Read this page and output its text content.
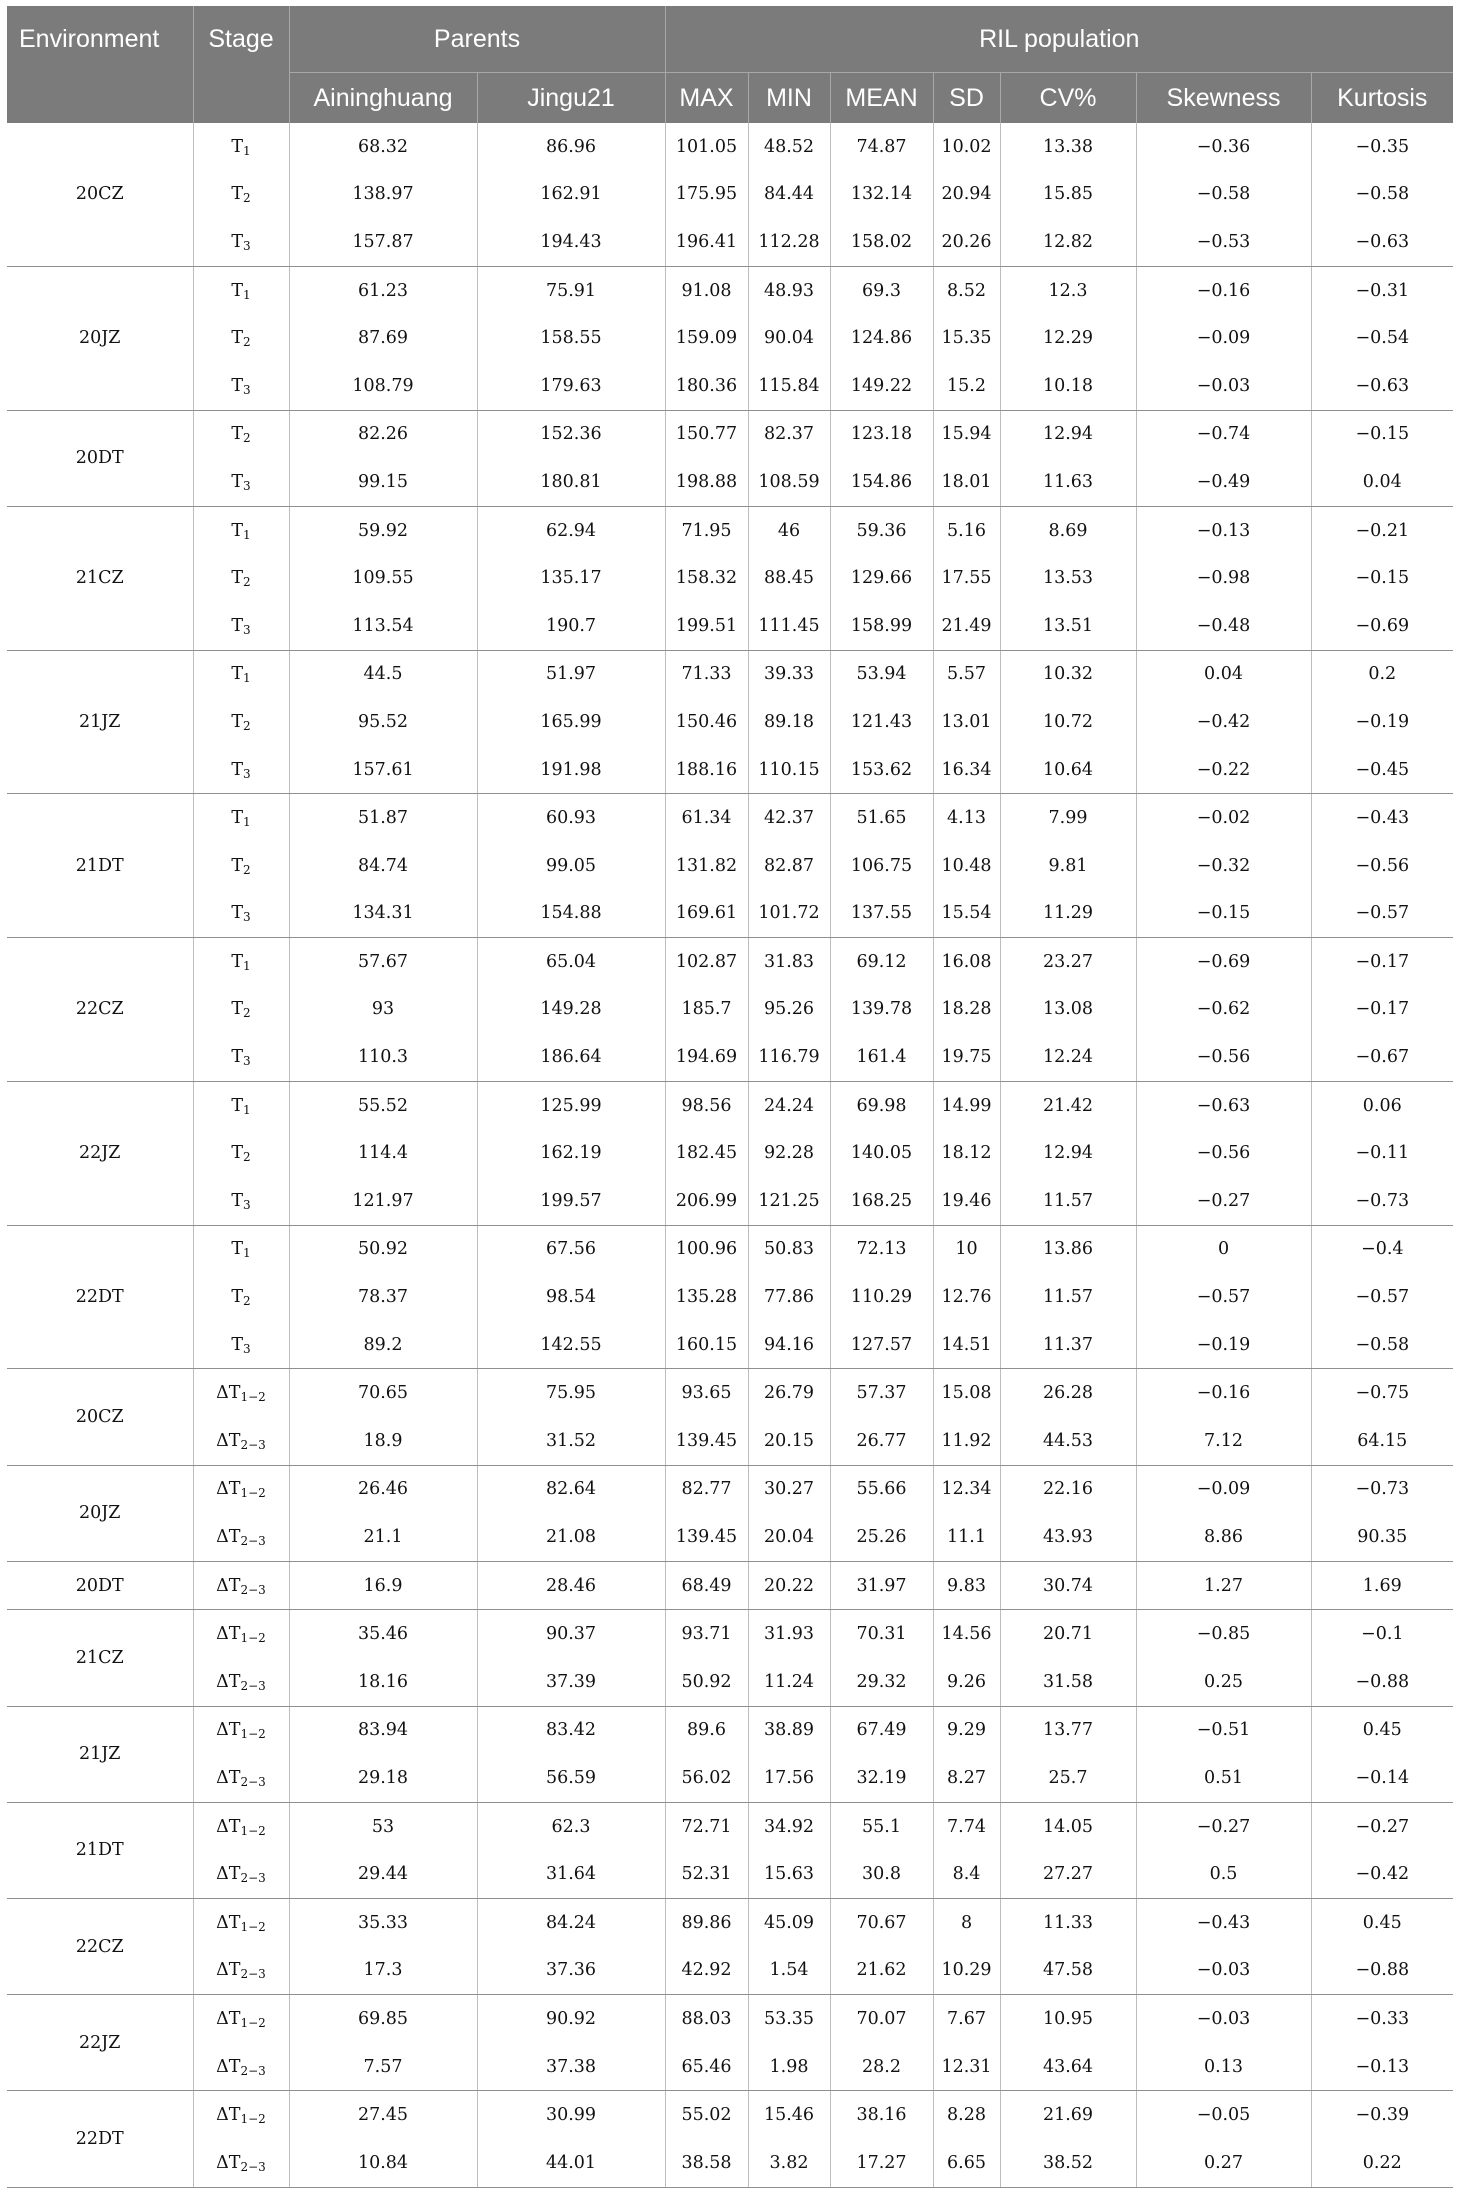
Environment	Stage	Parents		RIL population						
		Aininghuang	Jingu21	MAX	MIN	MEAN	SD	CV%	Skewness	Kurtosis
20CZ	$T_1$	68.32	86.96	101.05	48.52	74.87	10.02	13.38	−0.36	−0.35
	$T_2$	138.97	162.91	175.95	84.44	132.14	20.94	15.85	−0.58	−0.58
	$T_3$	157.87	194.43	196.41	112.28	158.02	20.26	12.82	−0.53	−0.63
20JZ	$T_1$	61.23	75.91	91.08	48.93	69.3	8.52	12.3	−0.16	−0.31
	$T_2$	87.69	158.55	159.09	90.04	124.86	15.35	12.29	−0.09	−0.54
	$T_3$	108.79	179.63	180.36	115.84	149.22	15.2	10.18	−0.03	−0.63
20DT	$T_2$	82.26	152.36	150.77	82.37	123.18	15.94	12.94	−0.74	−0.15
	$T_3$	99.15	180.81	198.88	108.59	154.86	18.01	11.63	−0.49	0.04
21CZ	$T_1$	59.92	62.94	71.95	46	59.36	5.16	8.69	−0.13	−0.21
	$T_2$	109.55	135.17	158.32	88.45	129.66	17.55	13.53	−0.98	−0.15
	$T_3$	113.54	190.7	199.51	111.45	158.99	21.49	13.51	−0.48	−0.69
21JZ	$T_1$	44.5	51.97	71.33	39.33	53.94	5.57	10.32	0.04	0.2
	$T_2$	95.52	165.99	150.46	89.18	121.43	13.01	10.72	−0.42	−0.19
	$T_3$	157.61	191.98	188.16	110.15	153.62	16.34	10.64	−0.22	−0.45
21DT	$T_1$	51.87	60.93	61.34	42.37	51.65	4.13	7.99	−0.02	−0.43
	$T_2$	84.74	99.05	131.82	82.87	106.75	10.48	9.81	−0.32	−0.56
	$T_3$	134.31	154.88	169.61	101.72	137.55	15.54	11.29	−0.15	−0.57
22CZ	$T_1$	57.67	65.04	102.87	31.83	69.12	16.08	23.27	−0.69	−0.17
	$T_2$	93	149.28	185.7	95.26	139.78	18.28	13.08	−0.62	−0.17
	$T_3$	110.3	186.64	194.69	116.79	161.4	19.75	12.24	−0.56	−0.67
22JZ	$T_1$	55.52	125.99	98.56	24.24	69.98	14.99	21.42	−0.63	0.06
	$T_2$	114.4	162.19	182.45	92.28	140.05	18.12	12.94	−0.56	−0.11
	$T_3$	121.97	199.57	206.99	121.25	168.25	19.46	11.57	−0.27	−0.73
22DT	$T_1$	50.92	67.56	100.96	50.83	72.13	10	13.86	0	−0.4
	$T_2$	78.37	98.54	135.28	77.86	110.29	12.76	11.57	−0.57	−0.57
	$T_3$	89.2	142.55	160.15	94.16	127.57	14.51	11.37	−0.19	−0.58
20CZ	$\Delta T_{1-2}$	70.65	75.95	93.65	26.79	57.37	15.08	26.28	−0.16	−0.75
	$\Delta T_{2-3}$	18.9	31.52	139.45	20.15	26.77	11.92	44.53	7.12	64.15
20JZ	$\Delta T_{1-2}$	26.46	82.64	82.77	30.27	55.66	12.34	22.16	−0.09	−0.73
	$\Delta T_{2-3}$	21.1	21.08	139.45	20.04	25.26	11.1	43.93	8.86	90.35
20DT	$\Delta T_{2-3}$	16.9	28.46	68.49	20.22	31.97	9.83	30.74	1.27	1.69
21CZ	$\Delta T_{1-2}$	35.46	90.37	93.71	31.93	70.31	14.56	20.71	−0.85	−0.1
	$\Delta T_{2-3}$	18.16	37.39	50.92	11.24	29.32	9.26	31.58	0.25	−0.88
21JZ	$\Delta T_{1-2}$	83.94	83.42	89.6	38.89	67.49	9.29	13.77	−0.51	0.45
	$\Delta T_{2-3}$	29.18	56.59	56.02	17.56	32.19	8.27	25.7	0.51	−0.14
21DT	$\Delta T_{1-2}$	53	62.3	72.71	34.92	55.1	7.74	14.05	−0.27	−0.27
	$\Delta T_{2-3}$	29.44	31.64	52.31	15.63	30.8	8.4	27.27	0.5	−0.42
22CZ	$\Delta T_{1-2}$	35.33	84.24	89.86	45.09	70.67	8	11.33	−0.43	0.45
	$\Delta T_{2-3}$	17.3	37.36	42.92	1.54	21.62	10.29	47.58	−0.03	−0.88
22JZ	$\Delta T_{1-2}$	69.85	90.92	88.03	53.35	70.07	7.67	10.95	−0.03	−0.33
	$\Delta T_{2-3}$	7.57	37.38	65.46	1.98	28.2	12.31	43.64	0.13	−0.13
22DT	$\Delta T_{1-2}$	27.45	30.99	55.02	15.46	38.16	8.28	21.69	−0.05	−0.39
	$\Delta T_{2-3}$	10.84	44.01	38.58	3.82	17.27	6.65	38.52	0.27	0.22
